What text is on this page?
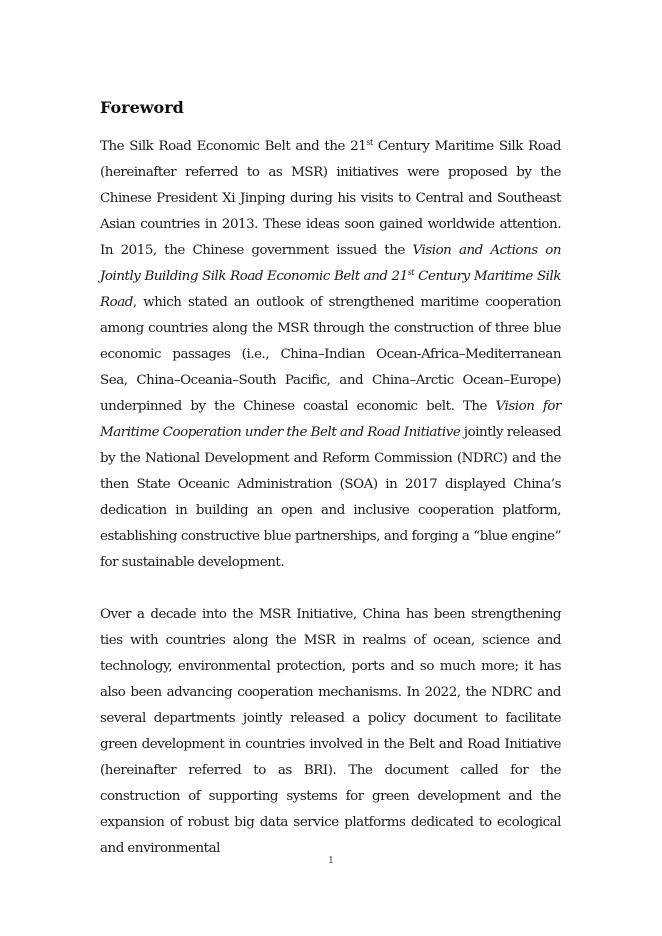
Foreword

The Silk Road Economic Belt and the 21st Century Maritime Silk Road (hereinafter referred to as MSR) initiatives were proposed by the Chinese President Xi Jinping during his visits to Central and Southeast Asian countries in 2013. These ideas soon gained worldwide attention. In 2015, the Chinese government issued the Vision and Actions on Jointly Building Silk Road Economic Belt and 21st Century Maritime Silk Road, which stated an outlook of strengthened maritime cooperation among countries along the MSR through the construction of three blue economic passages (i.e., China–Indian Ocean-Africa–Mediterranean Sea, China–Oceania–South Pacific, and China–Arctic Ocean–Europe) underpinned by the Chinese coastal economic belt. The Vision for Maritime Cooperation under the Belt and Road Initiative jointly released by the National Development and Reform Commission (NDRC) and the then State Oceanic Administration (SOA) in 2017 displayed China’s dedication in building an open and inclusive cooperation platform, establishing constructive blue partnerships, and forging a “blue engine” for sustainable development.

Over a decade into the MSR Initiative, China has been strengthening ties with countries along the MSR in realms of ocean, science and technology, environmental protection, ports and so much more; it has also been advancing cooperation mechanisms. In 2022, the NDRC and several departments jointly released a policy document to facilitate green development in countries involved in the Belt and Road Initiative (hereinafter referred to as BRI). The document called for the construction of supporting systems for green development and the expansion of robust big data service platforms dedicated to ecological and environmental

1
